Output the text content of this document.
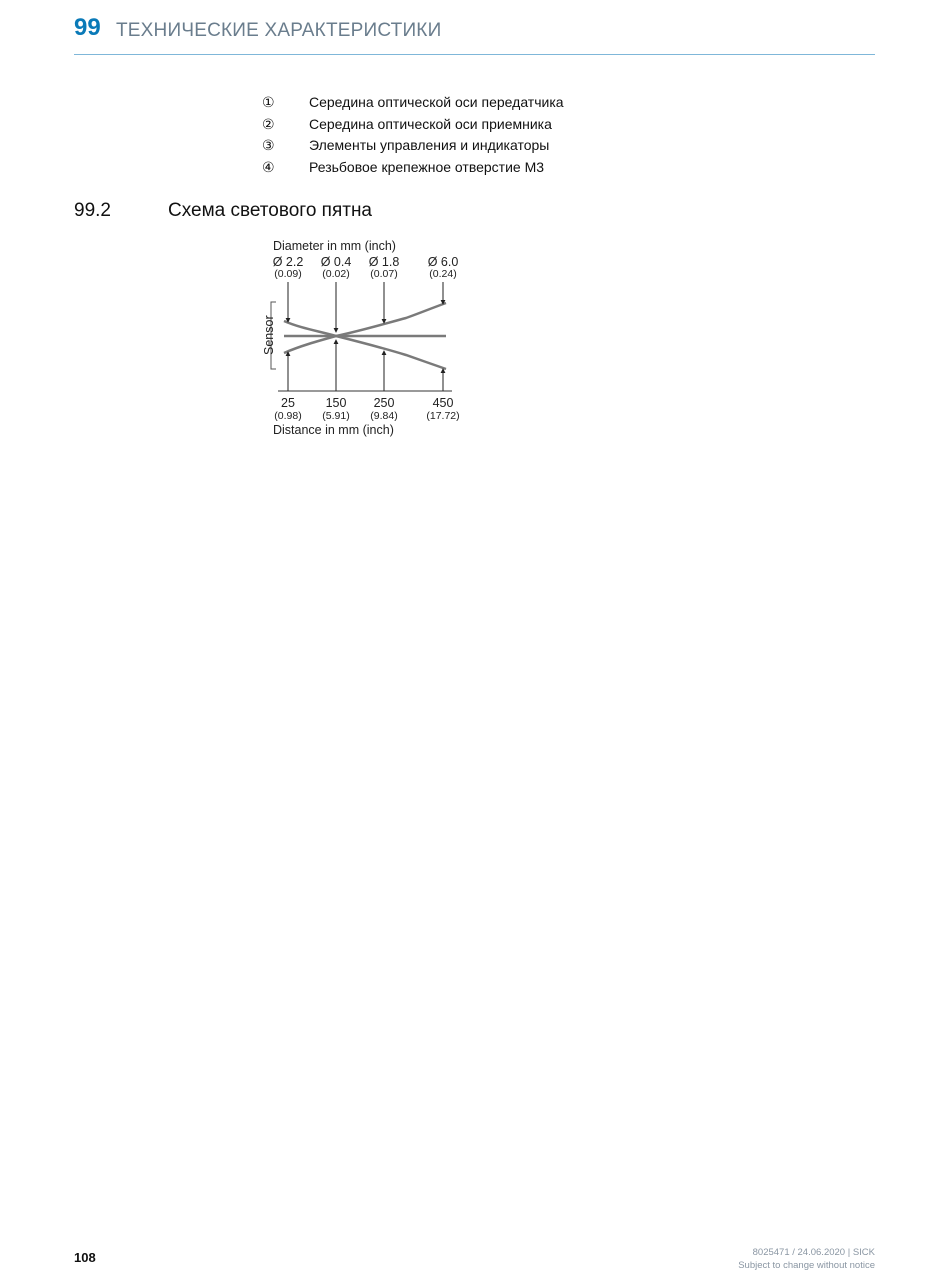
99 ТЕХНИЧЕСКИЕ ХАРАКТЕРИСТИКИ
①	Середина оптической оси передатчика
②	Середина оптической оси приемника
③	Элементы управления и индикаторы
④	Резьбовое крепежное отверстие М3
99.2	Схема светового пятна
Diameter in mm (inch)
Ø 2.2
(0.09)
Ø 0.4
(0.02)
Ø 1.8
(0.07)
Ø 6.0
(0.24)
Sensor
25
(0.98)
150
(5.91)
250
(9.84)
450
(17.72)
Distance in mm (inch)
108	8025471 / 24.06.2020 | SICK
Subject to change without notice
